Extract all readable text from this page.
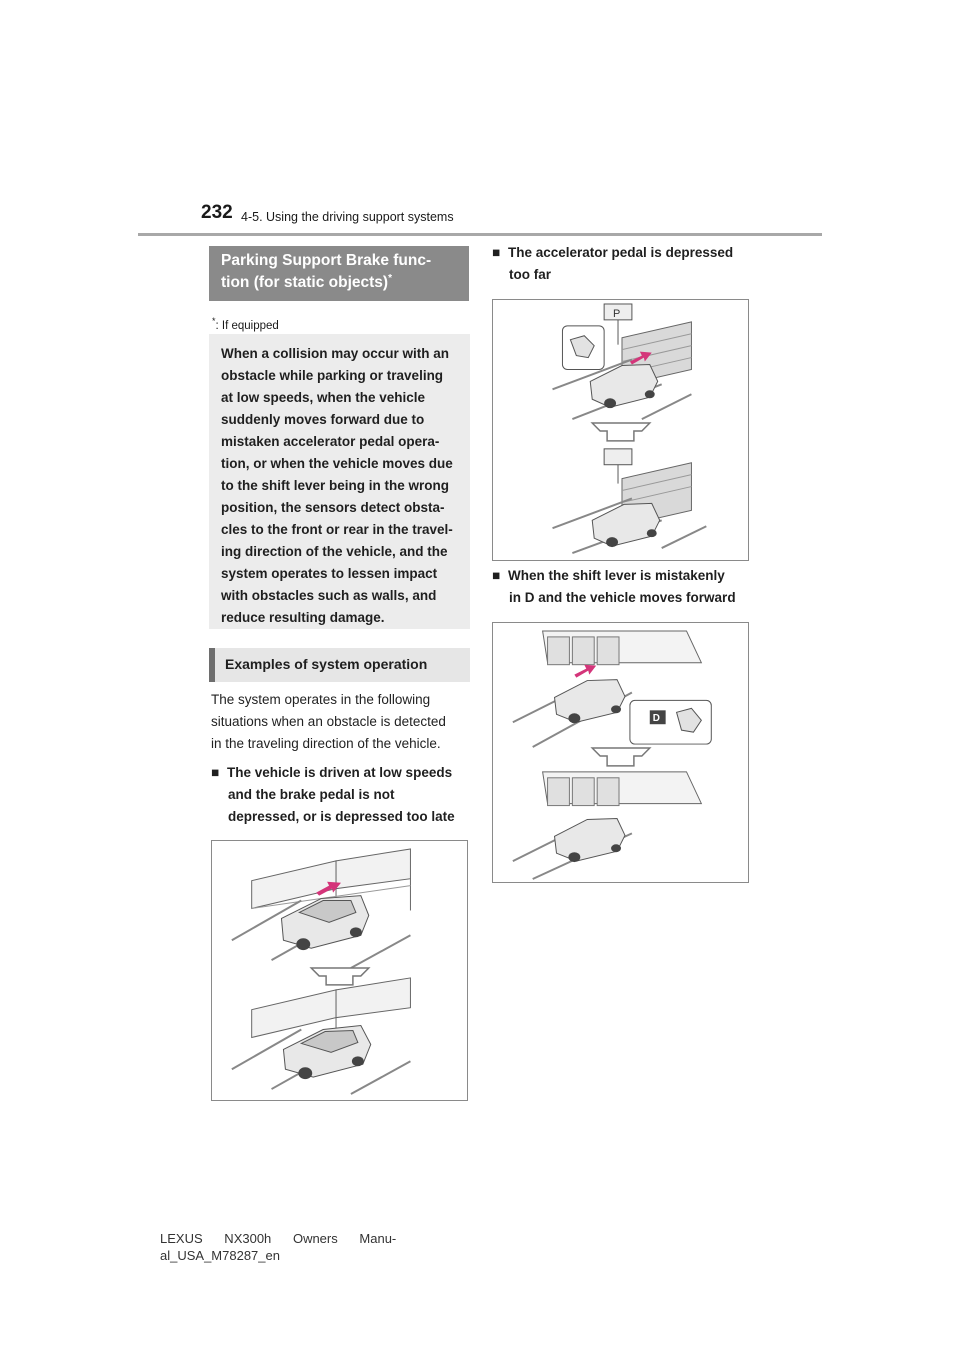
232 4-5. Using the driving support systems
Parking Support Brake func-
tion (for static objects)*
*: If equipped
When a collision may occur with an
obstacle while parking or traveling
at low speeds, when the vehicle
suddenly moves forward due to
mistaken accelerator pedal opera-
tion, or when the vehicle moves due
to the shift lever being in the wrong
position, the sensors detect obsta-
cles to the front or rear in the travel-
ing direction of the vehicle, and the
system operates to lessen impact
with obstacles such as walls, and
reduce resulting damage.
Examples of system operation
The system operates in the following
situations when an obstacle is detected
in the traveling direction of the vehicle.
■ The vehicle is driven at low speeds
and the brake pedal is not
depressed, or is depressed too late
■ The accelerator pedal is depressed
too far
P
■ When the shift lever is mistakenly
in D and the vehicle moves forward
D
LEXUS      NX300h      Owners      Manu-
al_USA_M78287_en
